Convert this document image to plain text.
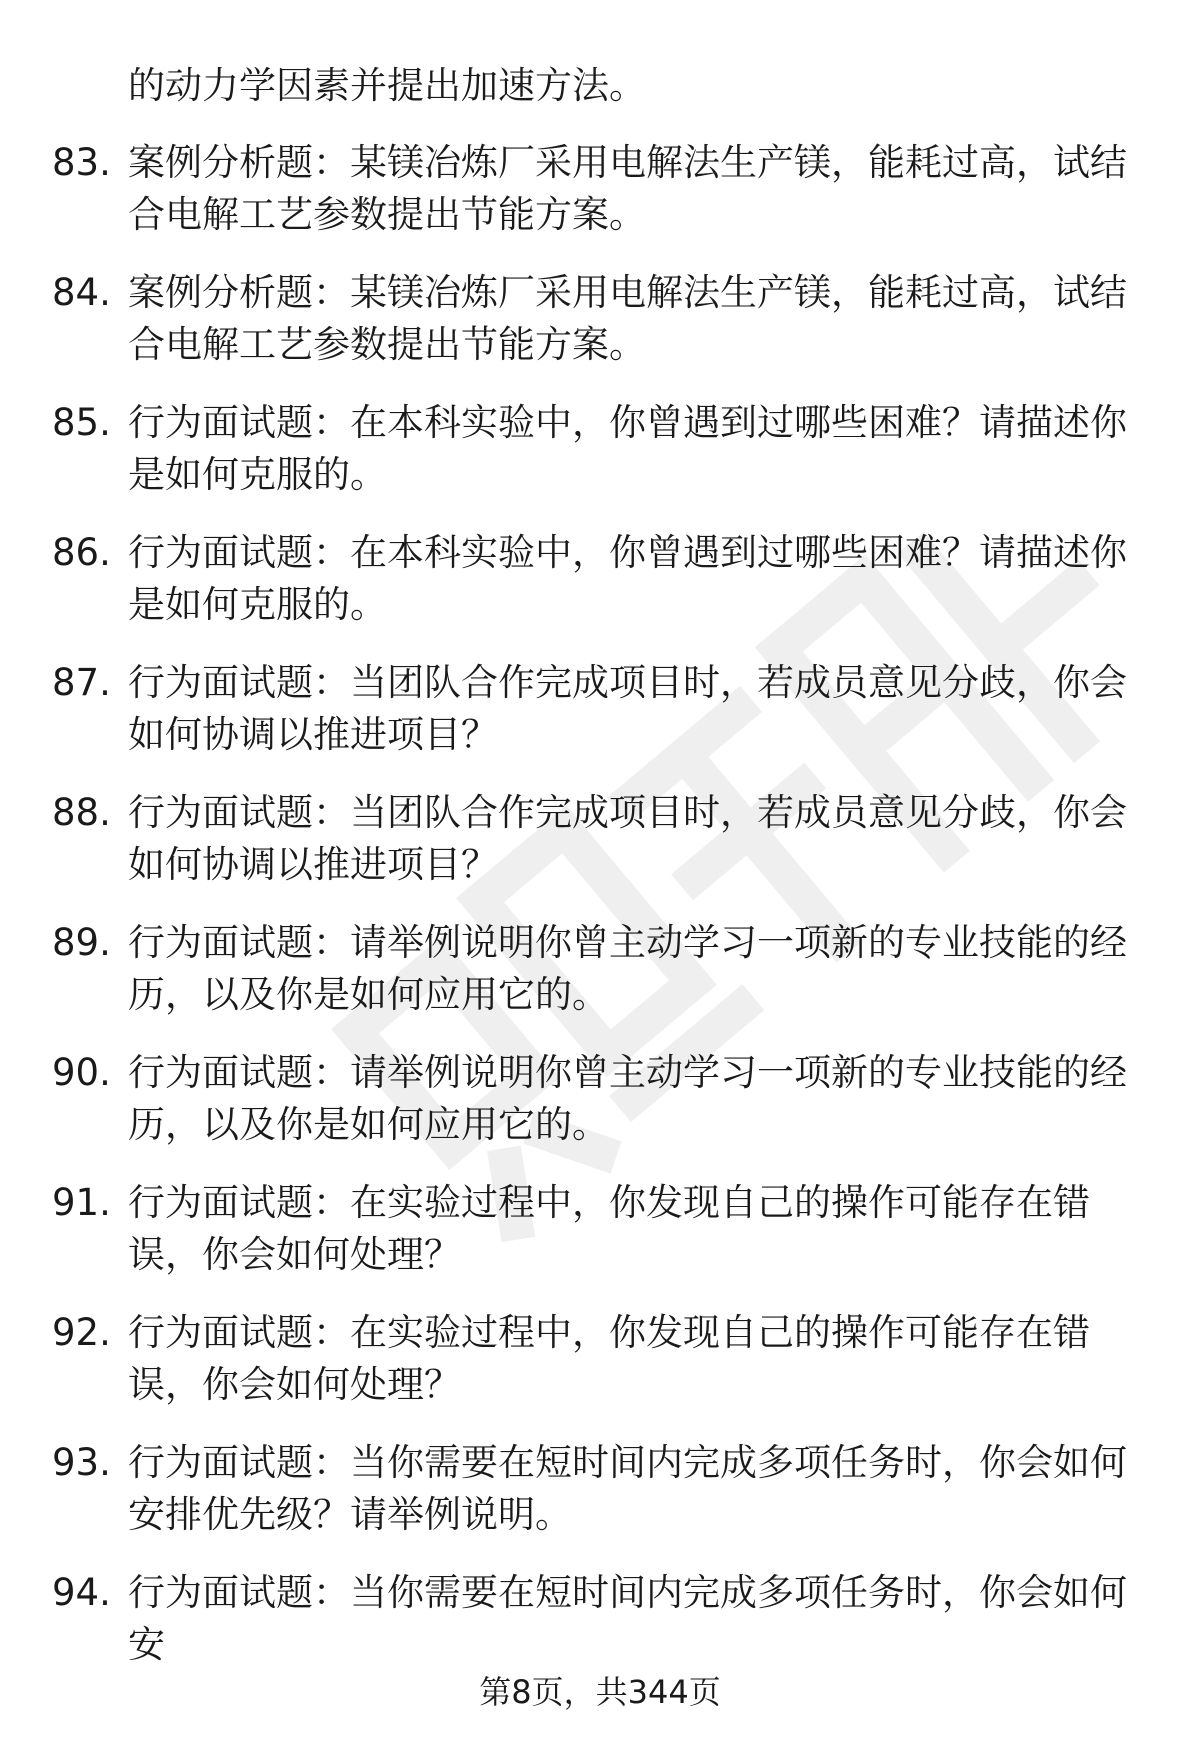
的动力学因素并提出加速方法。
83. 案例分析题：某镁冶炼厂采用电解法生产镁，能耗过高，试结合电解工艺参数提出节能方案。
84. 案例分析题：某镁冶炼厂采用电解法生产镁，能耗过高，试结合电解工艺参数提出节能方案。
85. 行为面试题：在本科实验中，你曾遇到过哪些困难？请描述你是如何克服的。
86. 行为面试题：在本科实验中，你曾遇到过哪些困难？请描述你是如何克服的。
87. 行为面试题：当团队合作完成项目时，若成员意见分歧，你会如何协调以推进项目？
88. 行为面试题：当团队合作完成项目时，若成员意见分歧，你会如何协调以推进项目？
89. 行为面试题：请举例说明你曾主动学习一项新的专业技能的经历，以及你是如何应用它的。
90. 行为面试题：请举例说明你曾主动学习一项新的专业技能的经历，以及你是如何应用它的。
91. 行为面试题：在实验过程中，你发现自己的操作可能存在错误，你会如何处理？
92. 行为面试题：在实验过程中，你发现自己的操作可能存在错误，你会如何处理？
93. 行为面试题：当你需要在短时间内完成多项任务时，你会如何安排优先级？请举例说明。
94. 行为面试题：当你需要在短时间内完成多项任务时，你会如何安
第8页，共344页
